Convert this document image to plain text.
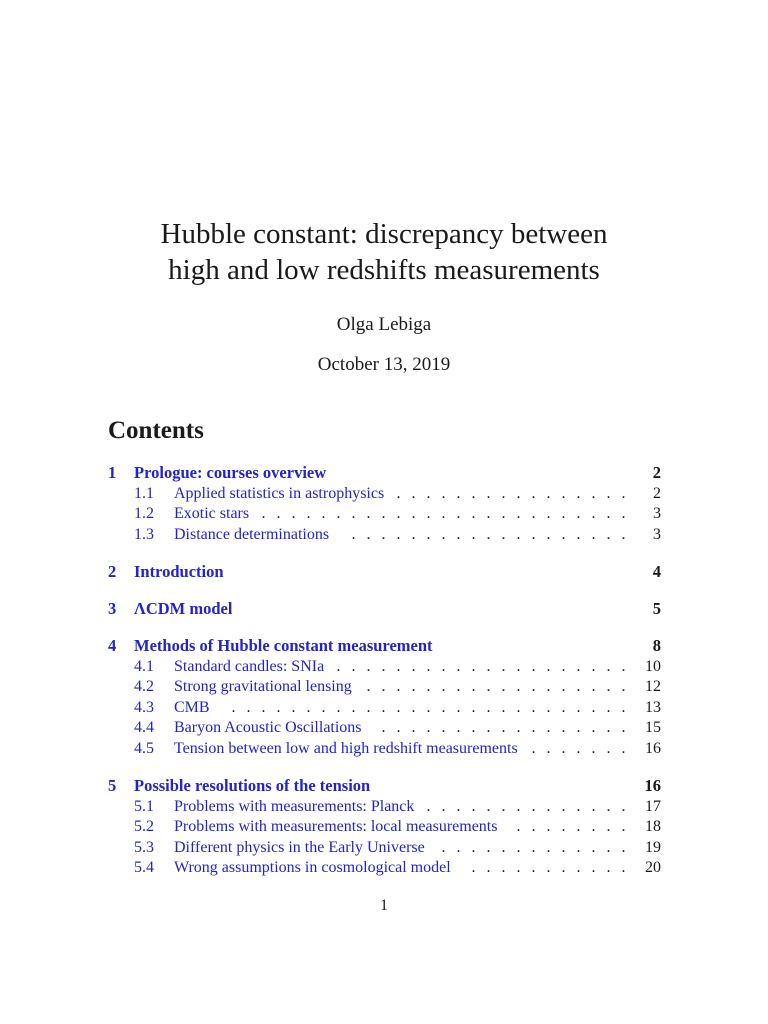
Hubble constant: discrepancy between
high and low redshifts measurements
Olga Lebiga
October 13, 2019
Contents
1 Prologue: courses overview	2
1.1 Applied statistics in astrophysics . . . . . . . . . . . . . . . .	2
1.2 Exotic stars . . . . . . . . . . . . . . . . . . . . . . . . .	3
1.3 Distance determinations	. . . . . . . . . . . . . . . . . . .	3
2 Introduction	4
3 ΛCDM model	5
4 Methods of Hubble constant measurement	8
4.1 Standard candles: SNIa . . . . . . . . . . . . . . . . . . . .	10
4.2 Strong gravitational lensing . . . . . . . . . . . . . . . . . .	12
4.3 CMB	. . . . . . . . . . . . . . . . . . . . . . . . . . .	13
4.4 Baryon Acoustic Oscillations	. . . . . . . . . . . . . . . . .	15
4.5 Tension between low and high redshift measurements . . . . . . .	16
5 Possible resolutions of the tension	16
5.1 Problems with measurements: Planck . . . . . . . . . . . . . .	17
5.2 Problems with measurements: local measurements	. . . . . . . .	18
5.3 Different physics in the Early Universe	. . . . . . . . . . . . .	19
5.4 Wrong assumptions in cosmological model	. . . . . . . . . . .	20
1
